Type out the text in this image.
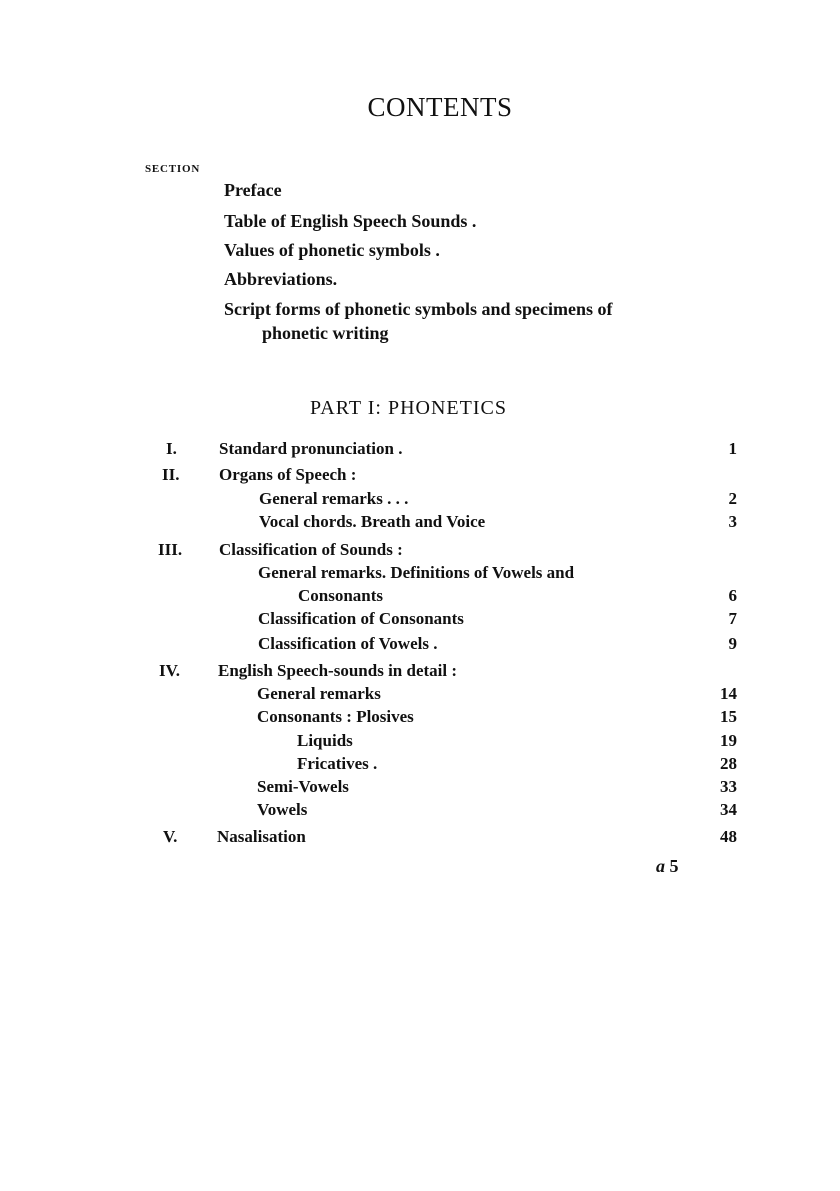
CONTENTS
SECTION
Preface
Table of English Speech Sounds .
Values of phonetic symbols .
Abbreviations.
Script forms of phonetic symbols and specimens of
phonetic writing
PART I: PHONETICS
I. Standard pronunciation .	1
II. Organs of Speech :
General remarks . . .	2
Vocal chords. Breath and Voice	3
III. Classification of Sounds :
General remarks. Definitions of Vowels and
Consonants	6
Classification of Consonants	7
Classification of Vowels .	9
IV. English Speech-sounds in detail :
General remarks	14
Consonants : Plosives	15
Liquids	19
Fricatives .	28
Semi-Vowels	33
Vowels	34
V. Nasalisation	48
a 5
